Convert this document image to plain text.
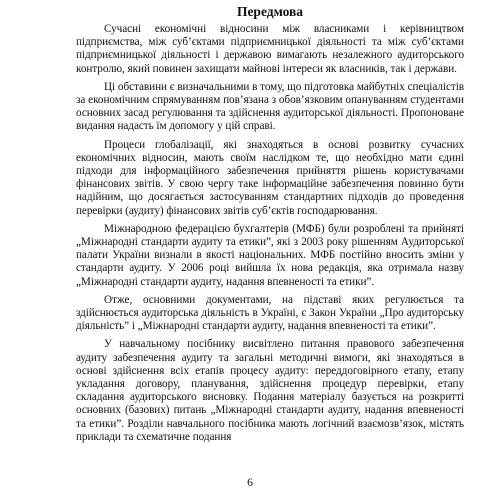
Передмова

Сучасні економічні відносини між власниками і керівництвом підприємства, між суб’єктами підприємницької діяльності та між суб’єктами підприємницької діяльності і державою вимагають незалежного аудиторського контролю, який повинен захищати майнові інтереси як власників, так і держави.

Ці обставини є визначальними в тому, що підготовка майбутніх спеціалістів за економічним спрямуванням пов’язана з обов’язковим опануванням студентами основних засад регулювання та здійснення аудиторської діяльності. Пропоноване видання надасть їм допомогу у цій справі.

Процеси глобалізації, які знаходяться в основі розвитку сучасних економічних відносин, мають своїм наслідком те, що необхідно мати єдині підходи для інформаційного забезпечення прийняття рішень користувачами фінансових звітів. У свою чергу таке інформаційне забезпечення повинно бути надійним, що досягається застосуванням стандартних підходів до проведення перевірки (аудиту) фінансових звітів суб’єктів господарювання.

Міжнародною федерацією бухгалтерів (МФБ) були розроблені та прийняті „Міжнародні стандарти аудиту та етики”, які з 2003 року рішенням Аудиторської палати України визнали в якості національних. МФБ постійно вносить зміни у стандарти аудиту. У 2006 році вийшла їх нова редакція, яка отримала назву „Міжнародні стандарти аудиту, надання впевненості та етики”.

Отже, основними документами, на підставі яких регулюється та здійснюється аудиторська діяльність в Україні, є Закон України „Про аудиторську діяльність” і „Міжнародні стандарти аудиту, надання впевненості та етики”.

У навчальному посібнику висвітлено питання правового забезпечення аудиту забезпечення аудиту та загальні методичні вимоги, які знаходяться в основі здійснення всіх етапів процесу аудиту: переддоговірного етапу, етапу укладання договору, планування, здійснення процедур перевірки, етапу складання аудиторського висновку. Подання матеріалу базується на розкритті основних (базових) питань „Міжнародні стандарти аудиту, надання впевненості та етики”. Розділи навчального посібника мають логічний взаємозв’язок, містять приклади та схематичне подання

6
